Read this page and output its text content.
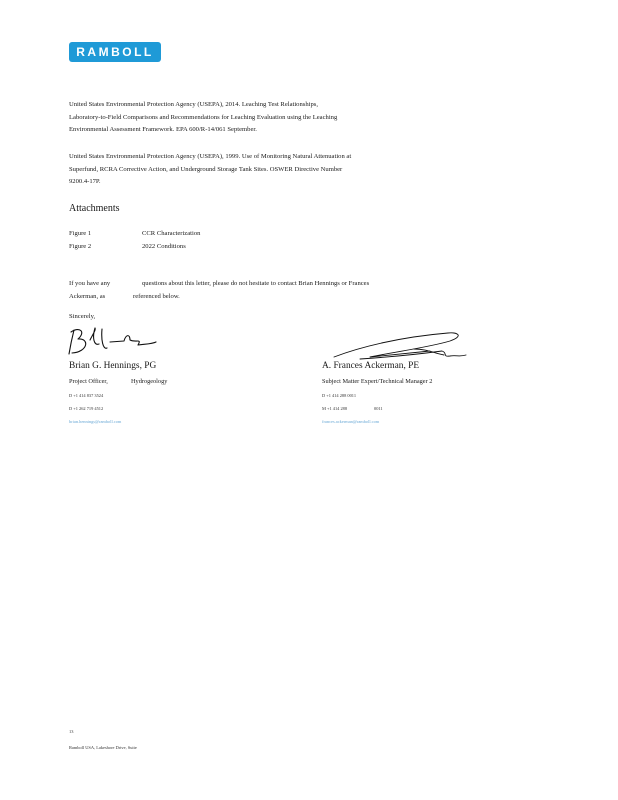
RAMBOLL
United States Environmental Protection Agency (USEPA), 2014. Leaching Test Relationships,
Laboratory-to-Field Comparisons and Recommendations for Leaching Evaluation using the Leaching
Environmental Assessment Framework. EPA 600/R-14/061 September.
United States Environmental Protection Agency (USEPA), 1999. Use of Monitoring Natural Attenuation at
Superfund, RCRA Corrective Action, and Underground Storage Tank Sites. OSWER Directive Number
9200.4-17P.
Attachments
Figure 1	CCR Characterization
Figure 2	2022 Conditions
If you have any	questions about this letter, please do not hesitate to contact Brian Hennings or Frances
Ackerman, as	referenced below.
Sincerely,
Brian G. Hennings, PG
Project Officer,	Hydrogeology
D +1 414 837 3524
D +1 262 719 4512
brian.hennings@ramboll.com
A. Frances Ackerman, PE
Subject Matter Expert/Technical Manager 2
D +1 414 288 0011
M +1 414 288	0011
frances.ackerman@ramboll.com
13
Ramboll USA, Lakeshore Drive, Suite
